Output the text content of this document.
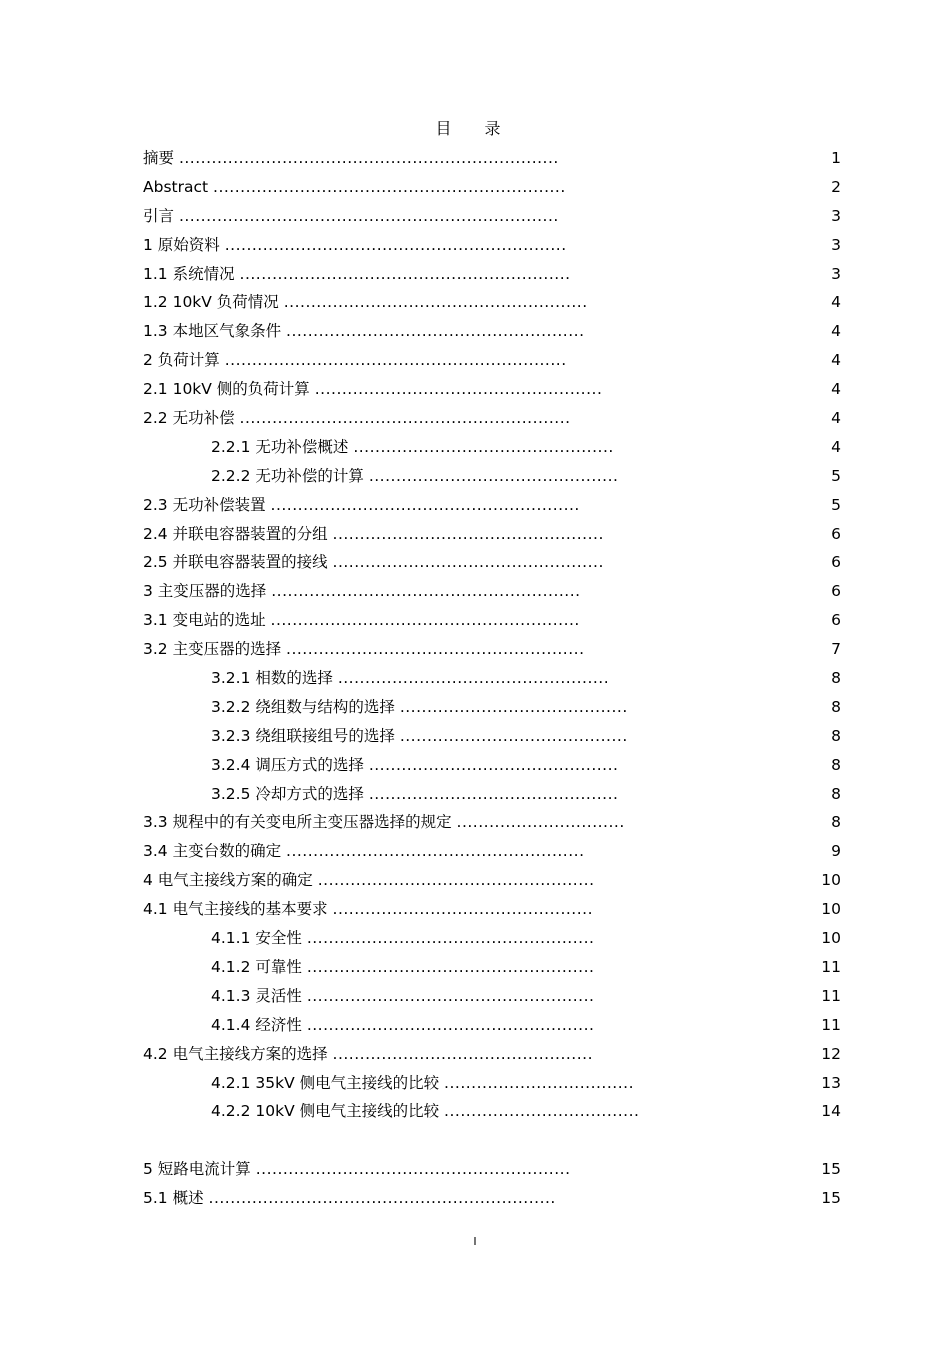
目 录
摘要 ......................................................................	1
Abstract .................................................................	2
引言 ......................................................................	3
1 原始资料 ...............................................................	3
1.1 系统情况 .............................................................	3
1.2 10kV 负荷情况 ........................................................	4
1.3 本地区气象条件 .......................................................	4
2 负荷计算 ...............................................................	4
2.1 10kV 侧的负荷计算 .....................................................	4
2.2 无功补偿 .............................................................	4
2.2.1 无功补偿概述 ................................................	4
2.2.2 无功补偿的计算 ..............................................	5
2.3 无功补偿装置 .........................................................	5
2.4 并联电容器装置的分组 ..................................................	6
2.5 并联电容器装置的接线 ..................................................	6
3 主变压器的选择 .........................................................	6
3.1 变电站的选址 .........................................................	6
3.2 主变压器的选择 .......................................................	7
3.2.1 相数的选择 ..................................................	8
3.2.2 绕组数与结构的选择 ..........................................	8
3.2.3 绕组联接组号的选择 ..........................................	8
3.2.4 调压方式的选择 ..............................................	8
3.2.5 冷却方式的选择 ..............................................	8
3.3 规程中的有关变电所主变压器选择的规定 ...............................	8
3.4 主变台数的确定 .......................................................	9
4 电气主接线方案的确定 ...................................................	10
4.1 电气主接线的基本要求 ................................................	10
4.1.1 安全性 .....................................................	10
4.1.2 可靠性 .....................................................	11
4.1.3 灵活性 .....................................................	11
4.1.4 经济性 .....................................................	11
4.2 电气主接线方案的选择 ................................................	12
4.2.1 35kV 侧电气主接线的比较 ...................................	13
4.2.2 10kV 侧电气主接线的比较 ....................................	14
5 短路电流计算 ..........................................................	15
5.1 概述 ................................................................	15
I
